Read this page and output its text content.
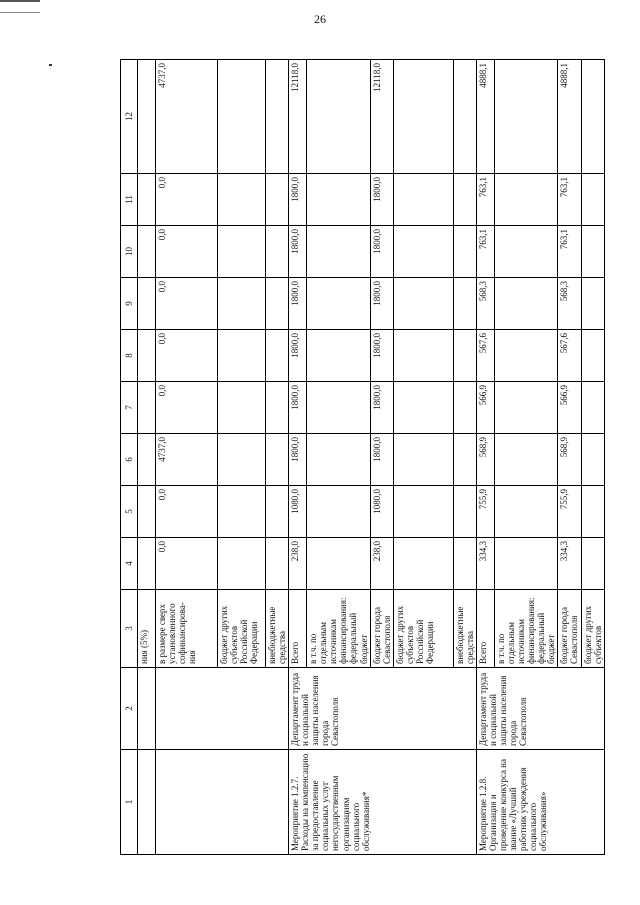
26
1	2	3	4	5	6	7	8	9	10	11	12
		ния (5%)									
		в размере сверх установленного софинансирова-ния	0,0	0,0	4737,0	0,0	0,0	0,0	0,0	0,0	4737,0
		бюджет других субъектов Российской Федерации									
		внебюджетные средства									
Мероприятие 1.2.7. Расходы на компенсацию за предоставление социальных услуг негосударственным организациям социального обслуживания*	Департамент труда и социальной защиты населения города Севастополя	Всего	238,0	1080,0	1800,0	1800,0	1800,0	1800,0	1800,0	1800,0	12118,0
		в т.ч. по отдельным источникам финансирования: федеральный бюджет									
		бюджет города Севастополя	238,0	1080,0	1800,0	1800,0	1800,0	1800,0	1800,0	1800,0	12118,0
		бюджет других субъектов Российской Федерации									
		внебюджетные средства									
Мероприятие 1.2.8. Организация и проведение конкурса на звание «Лучший работник учреждения социального обслуживания»	Департамент труда и социальной защиты населения города Севастополя	Всего	334,3	755,9	568,9	566,9	567,6	568,3	763,1	763,1	4888,1
		в т.ч. по отдельным источникам финансирования: федеральный бюджет									
		бюджет города Севастополя	334,3	755,9	568,9	566,9	567,6	568,3	763,1	763,1	4888,1
		бюджет других субъектов									
